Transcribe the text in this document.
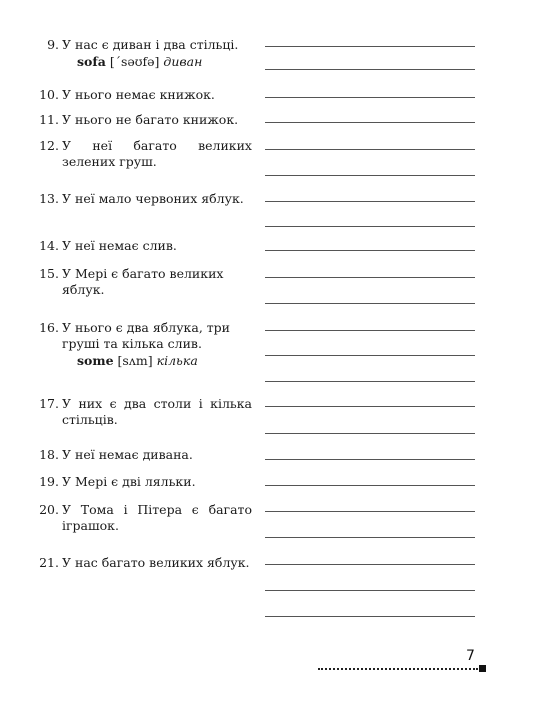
9. У нас є диван і два стільці.
sofa [΄səʊfə] диван
10. У нього немає книжок.
11. У нього не багато книжок.
12. У неї багато великих зелених груш.
13. У неї мало червоних яблук.
14. У неї немає слив.
15. У Мері є багато великих яблук.
16. У нього є два яблука, три груші та кілька слив.
some [sʌm] кілька
17. У них є два столи і кілька стільців.
18. У неї немає дивана.
19. У Мері є дві ляльки.
20. У Тома і Пітера є багато іграшок.
21. У нас багато великих яблук.
7
